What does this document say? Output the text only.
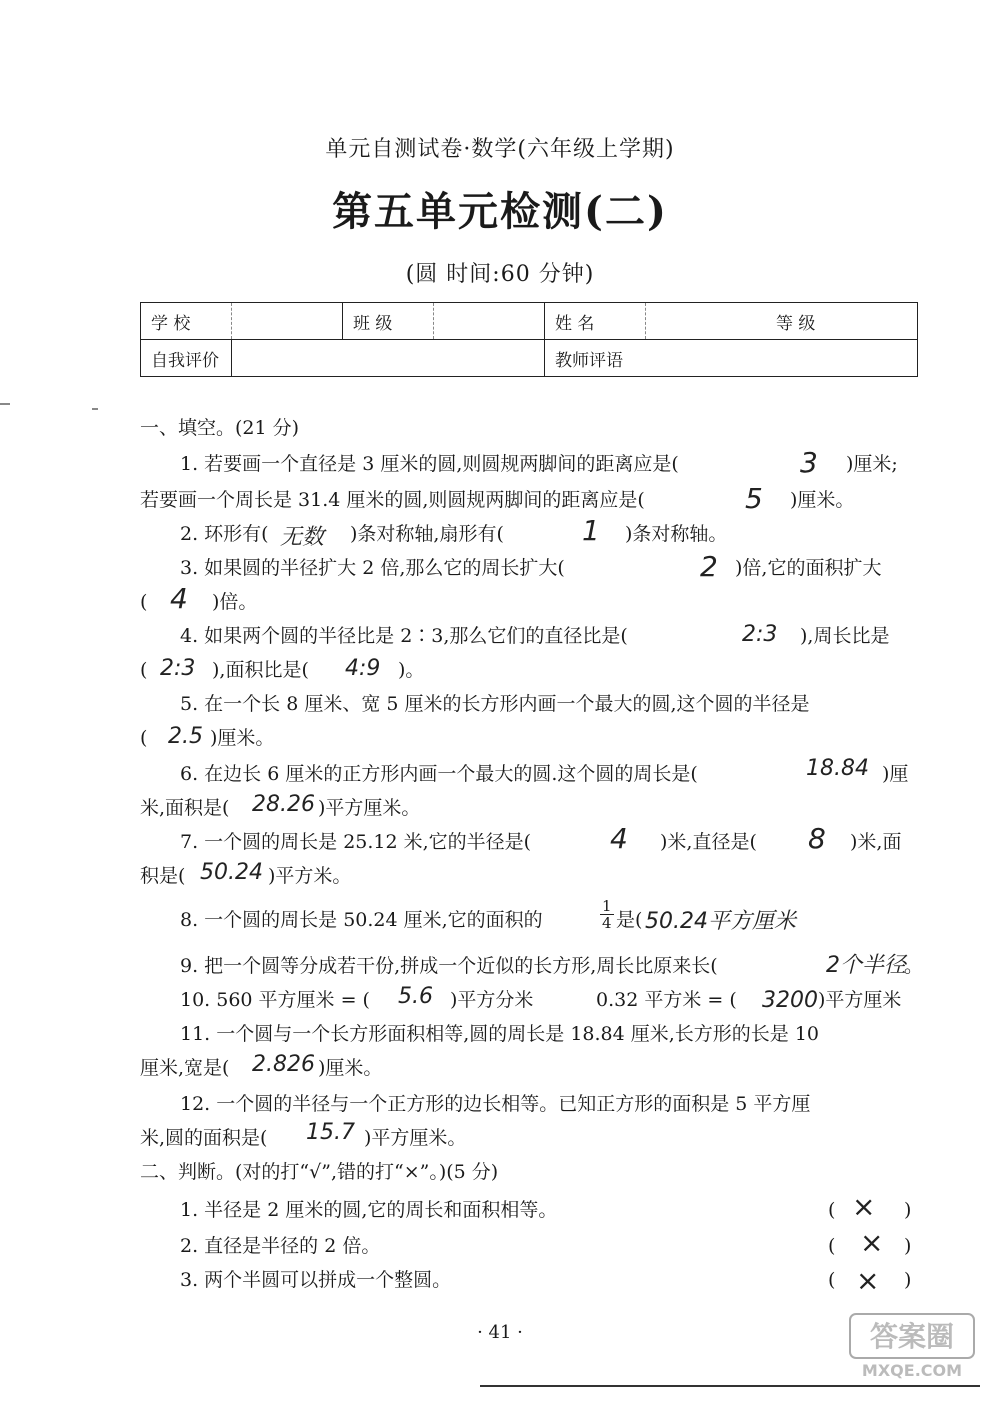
单元自测试卷·数学(六年级上学期)
第五单元检测(二)
(圆 时间:60 分钟)
学 校		班 级		姓 名		等 级	
自我评价				教师评语			
一、填空。(21 分)
1. 若要画一个直径是 3 厘米的圆,则圆规两脚间的距离应是(	3 )厘米;
若要画一个周长是 31.4 厘米的圆,则圆规两脚间的距离应是(	5 )厘米。
2. 环形有( 无数 )条对称轴,扇形有(	1 )条对称轴。
3. 如果圆的半径扩大 2 倍,那么它的周长扩大(	2 )倍,它的面积扩大
( 4 )倍。
4. 如果两个圆的半径比是 2∶3,那么它们的直径比是(	2:3 ),周长比是
( 2:3 ),面积比是( 4:9 )。
5. 在一个长 8 厘米、宽 5 厘米的长方形内画一个最大的圆,这个圆的半径是
( 2.5 )厘米。
6. 在边长 6 厘米的正方形内画一个最大的圆.这个圆的周长是(	18.84 )厘
米,面积是( 28.26 )平方厘米。
7. 一个圆的周长是 25.12 米,它的半径是(	4 )米,直径是( 8 )米,面
积是( 50.24 )平方米。
8. 一个圆的周长是 50.24 厘米,它的面积的	$\frac{1}{4}$ 是( 50.24平方厘米
9. 把一个圆等分成若干份,拼成一个近似的长方形,周长比原来长(	2个半径
。
10. 560 平方厘米 = ( 5.6 )平方分米	0.32 平方米 = ( 3200 )平方厘米
11. 一个圆与一个长方形面积相等,圆的周长是 18.84 厘米,长方形的长是 10
厘米,宽是( 2.826 )厘米。
12. 一个圆的半径与一个正方形的边长相等。已知正方形的面积是 5 平方厘
米,圆的面积是( 15.7 )平方厘米。
二、判断。(对的打“√”,错的打“×”。)(5 分)
1. 半径是 2 厘米的圆,它的周长和面积相等。	( × )
2. 直径是半径的 2 倍。	( × )
3. 两个半圆可以拼成一个整圆。	( × )
· 41 ·	答案圈
MXQE.COM
